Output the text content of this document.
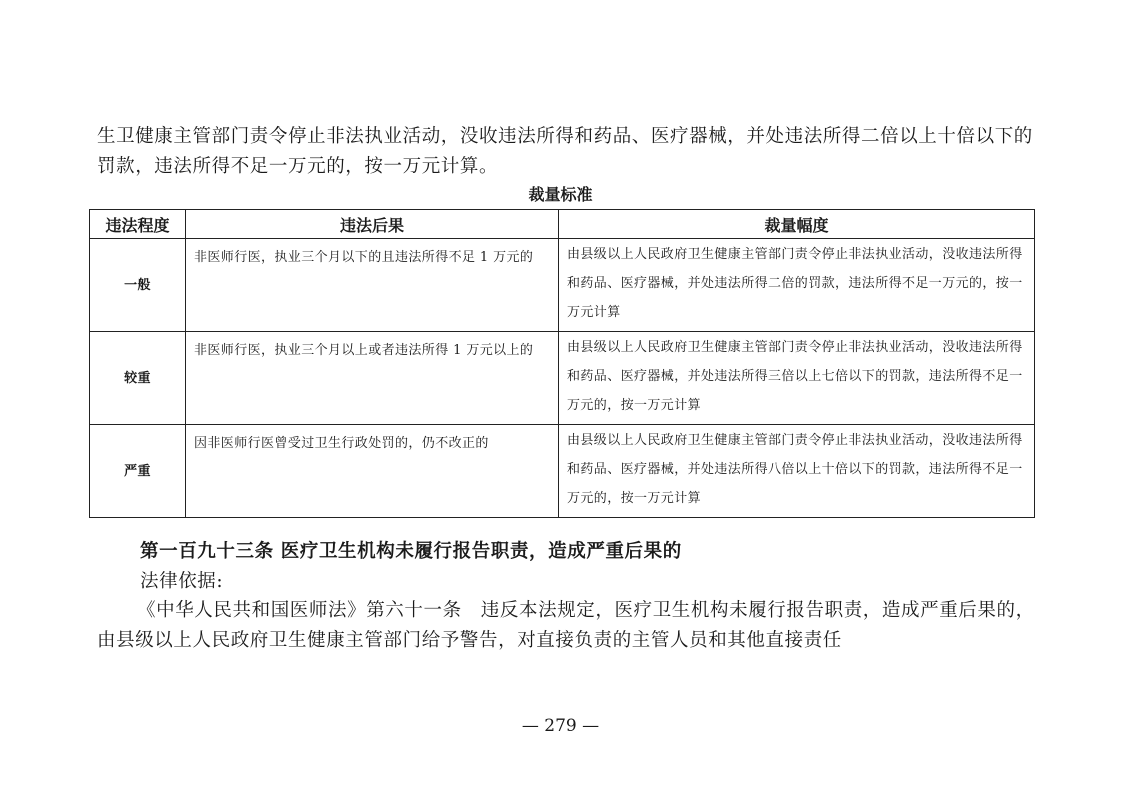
生卫健康主管部门责令停止非法执业活动，没收违法所得和药品、医疗器械，并处违法所得二倍以上十倍以下的罚款，违法所得不足一万元的，按一万元计算。

裁量标准
违法程度	违法后果	裁量幅度
一般	非医师行医，执业三个月以下的且违法所得不足 1 万元的	由县级以上人民政府卫生健康主管部门责令停止非法执业活动，没收违法所得和药品、医疗器械，并处违法所得二倍的罚款，违法所得不足一万元的，按一万元计算
较重	非医师行医，执业三个月以上或者违法所得 1 万元以上的	由县级以上人民政府卫生健康主管部门责令停止非法执业活动，没收违法所得和药品、医疗器械，并处违法所得三倍以上七倍以下的罚款，违法所得不足一万元的，按一万元计算
严重	因非医师行医曾受过卫生行政处罚的，仍不改正的	由县级以上人民政府卫生健康主管部门责令停止非法执业活动，没收违法所得和药品、医疗器械，并处违法所得八倍以上十倍以下的罚款，违法所得不足一万元的，按一万元计算

第一百九十三条 医疗卫生机构未履行报告职责，造成严重后果的

法律依据:

《中华人民共和国医师法》第六十一条　违反本法规定，医疗卫生机构未履行报告职责，造成严重后果的，由县级以上人民政府卫生健康主管部门给予警告，对直接负责的主管人员和其他直接责任

— 279 —
